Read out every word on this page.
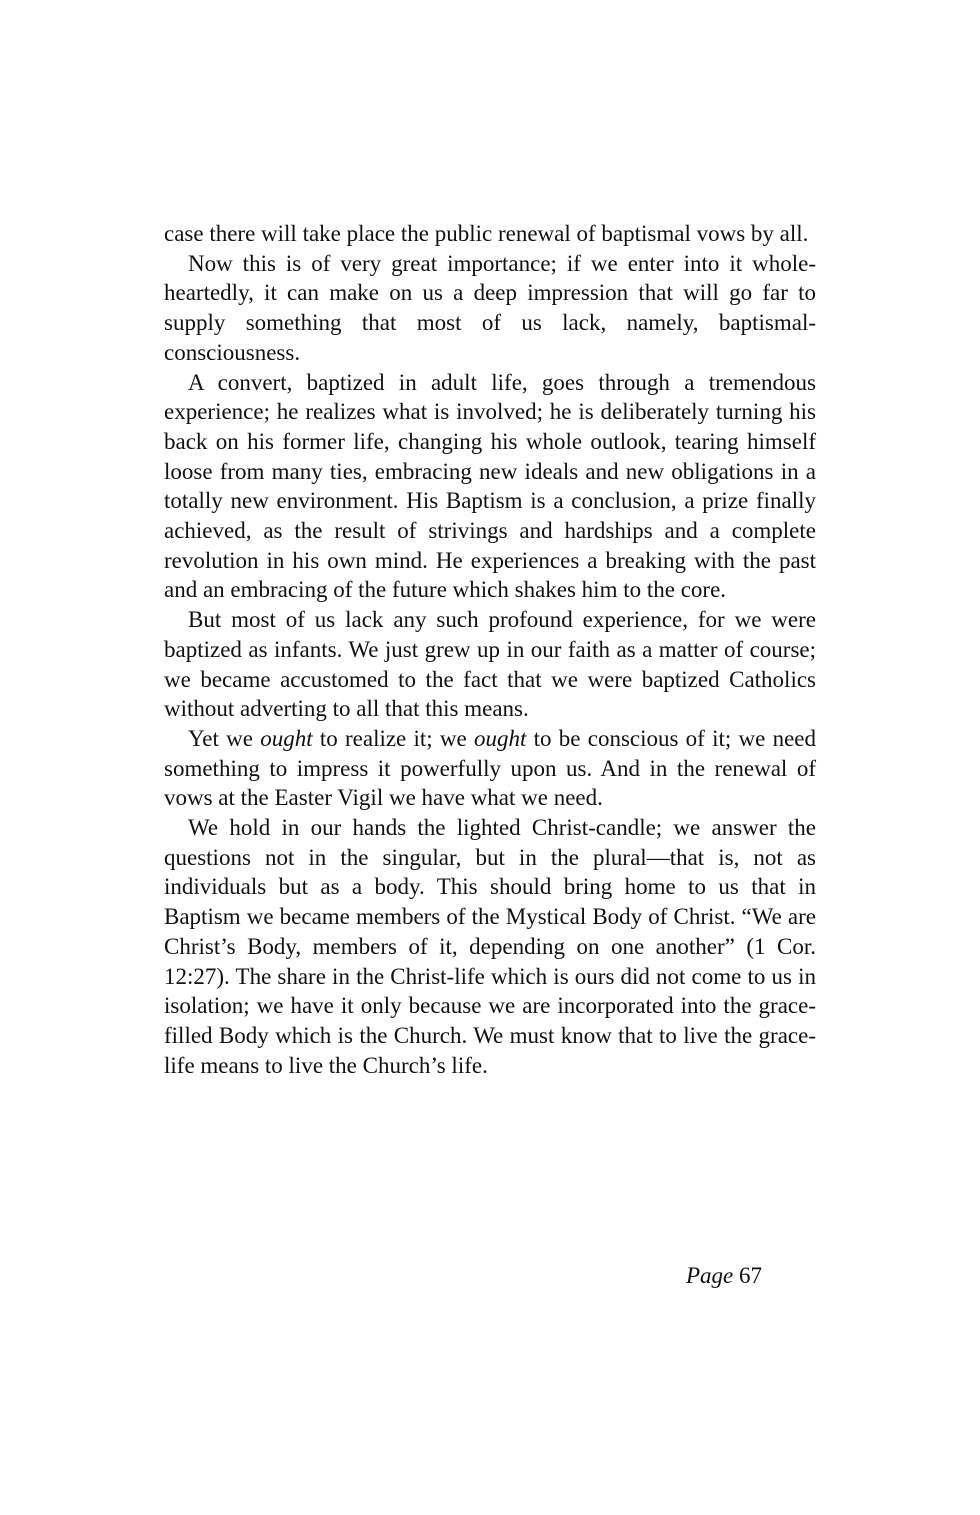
case there will take place the public renewal of baptismal vows by all.

Now this is of very great importance; if we enter into it whole-heartedly, it can make on us a deep impression that will go far to supply something that most of us lack, namely, baptismal-consciousness.

A convert, baptized in adult life, goes through a tremendous experience; he realizes what is involved; he is deliberately turning his back on his former life, changing his whole outlook, tearing himself loose from many ties, embracing new ideals and new obligations in a totally new environment. His Baptism is a conclusion, a prize finally achieved, as the result of strivings and hardships and a complete revolution in his own mind. He experiences a breaking with the past and an embracing of the future which shakes him to the core.

But most of us lack any such profound experience, for we were baptized as infants. We just grew up in our faith as a matter of course; we became accustomed to the fact that we were baptized Catholics without adverting to all that this means.

Yet we ought to realize it; we ought to be conscious of it; we need something to impress it powerfully upon us. And in the renewal of vows at the Easter Vigil we have what we need.

We hold in our hands the lighted Christ-candle; we answer the questions not in the singular, but in the plural—that is, not as individuals but as a body. This should bring home to us that in Baptism we became members of the Mystical Body of Christ. “We are Christ’s Body, members of it, depending on one another” (1 Cor. 12:27). The share in the Christ-life which is ours did not come to us in isolation; we have it only because we are incorporated into the grace-filled Body which is the Church. We must know that to live the grace-life means to live the Church’s life.

Page 67
